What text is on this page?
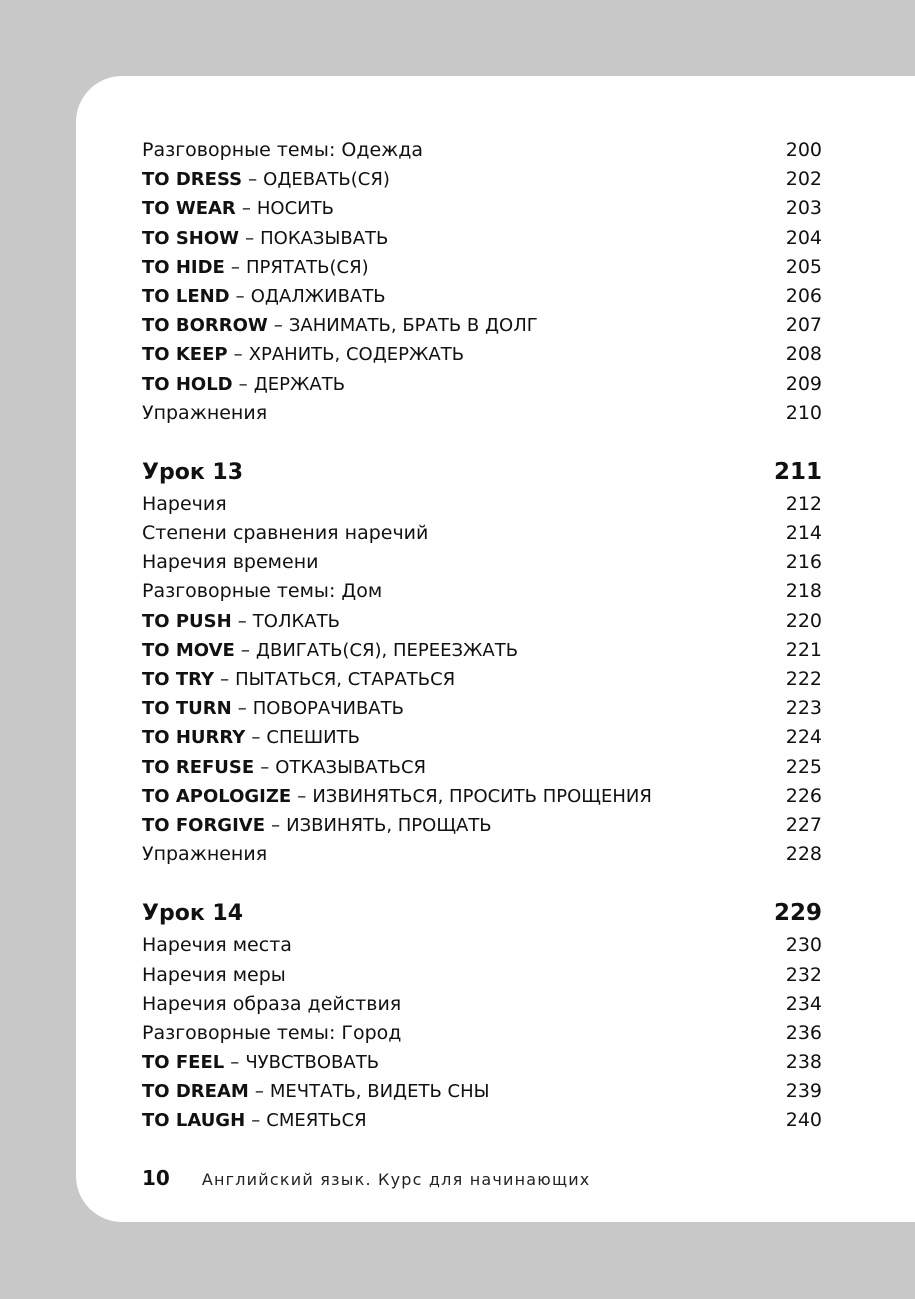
Разговорные темы: Одежда	200
TO DRESS – ОДЕВАТЬ(СЯ)	202
TO WEAR – НОСИТЬ	203
TO SHOW – ПОКАЗЫВАТЬ	204
TO HIDE – ПРЯТАТЬ(СЯ)	205
TO LEND – ОДАЛЖИВАТЬ	206
TO BORROW – ЗАНИМАТЬ, БРАТЬ В ДОЛГ	207
TO KEEP – ХРАНИТЬ, СОДЕРЖАТЬ	208
TO HOLD – ДЕРЖАТЬ	209
Упражнения	210
Урок 13	211
Наречия	212
Степени сравнения наречий	214
Наречия времени	216
Разговорные темы: Дом	218
TO PUSH – ТОЛКАТЬ	220
TO MOVE – ДВИГАТЬ(СЯ), ПЕРЕЕЗЖАТЬ	221
TO TRY – ПЫТАТЬСЯ, СТАРАТЬСЯ	222
TO TURN – ПОВОРАЧИВАТЬ	223
TO HURRY – СПЕШИТЬ	224
TO REFUSE – ОТКАЗЫВАТЬСЯ	225
TO APOLOGIZE – ИЗВИНЯТЬСЯ, ПРОСИТЬ ПРОЩЕНИЯ	226
TO FORGIVE – ИЗВИНЯТЬ, ПРОЩАТЬ	227
Упражнения	228
Урок 14	229
Наречия места	230
Наречия меры	232
Наречия образа действия	234
Разговорные темы: Город	236
TO FEEL – ЧУВСТВОВАТЬ	238
TO DREAM – МЕЧТАТЬ, ВИДЕТЬ СНЫ	239
TO LAUGH – СМЕЯТЬСЯ	240
10 Английский язык. Курс для начинающих
